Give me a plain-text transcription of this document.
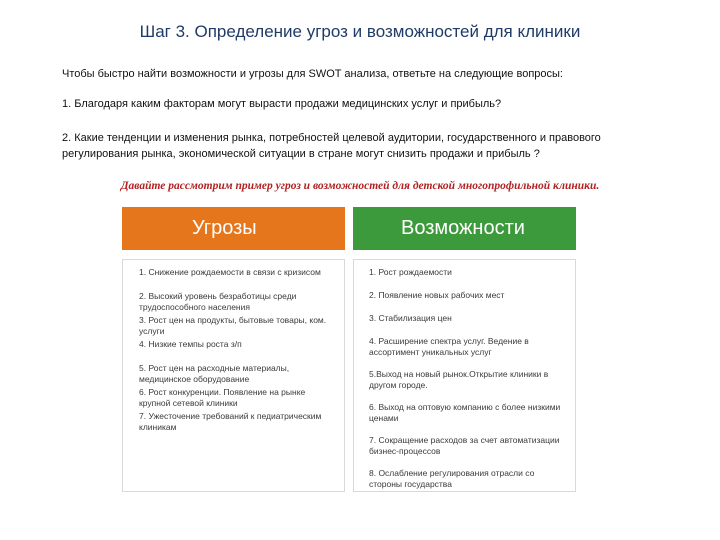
Шаг 3. Определение угроз и возможностей для клиники
Чтобы быстро найти возможности и угрозы для SWOT анализа, ответьте на следующие вопросы:
1. Благодаря каким факторам могут вырасти продажи медицинских услуг и прибыль?
2. Какие тенденции и изменения рынка, потребностей целевой аудитории, государственного и правового регулирования рынка, экономической ситуации в стране могут снизить продажи и прибыль ?
Давайте рассмотрим пример угроз и возможностей для детской многопрофильной клиники.
Угрозы
1. Снижение рождаемости в связи с кризисом
2. Высокий уровень безработицы среди трудоспособного населения
3. Рост цен на продукты, бытовые товары, ком. услуги
4. Низкие темпы роста з/п
5. Рост цен на расходные материалы, медицинское оборудование
6. Рост конкуренции. Появление на рынке крупной сетевой клиники
7. Ужесточение требований к педиатрическим клиникам
Возможности
1. Рост рождаемости
2. Появление новых рабочих мест
3. Стабилизация цен
4. Расширение спектра услуг. Ведение в ассортимент уникальных услуг
5.Выход на новый рынок.Открытие клиники в другом городе.
6. Выход на оптовую компанию с более низкими ценами
7. Сокращение расходов за счет автоматизации бизнес-процессов
8. Ослабление регулирования отрасли со стороны государства
